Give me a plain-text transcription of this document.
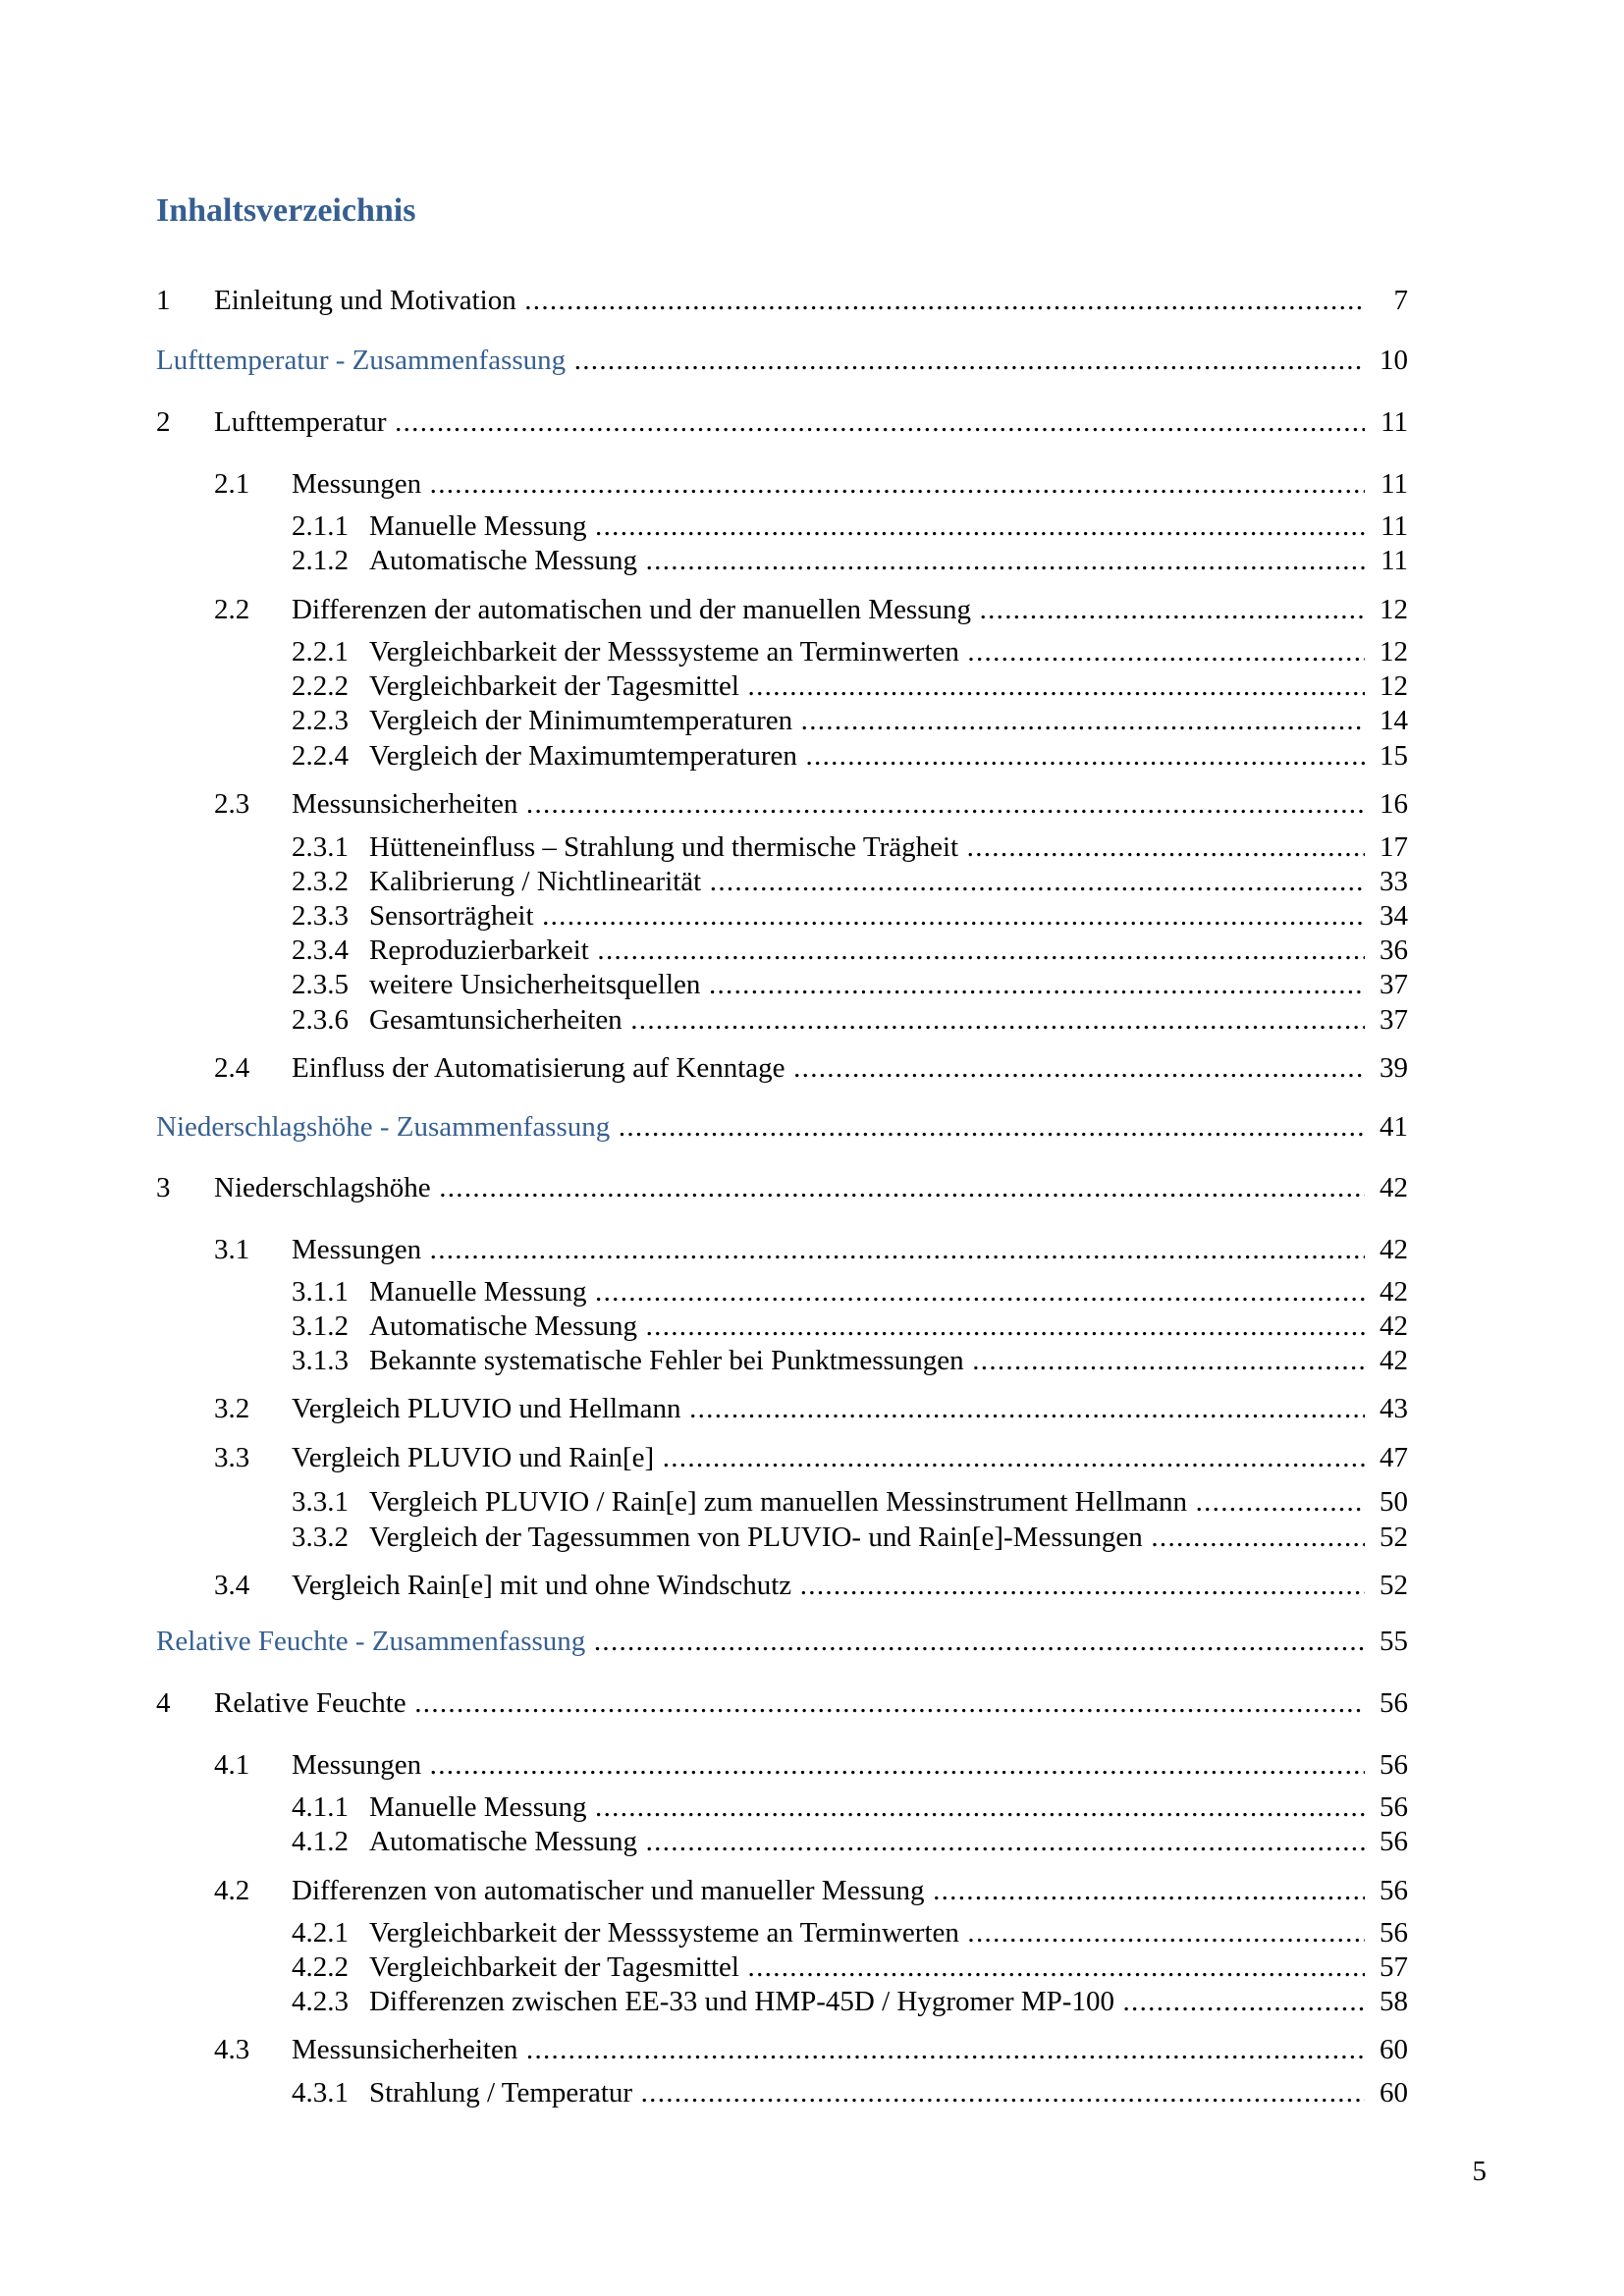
Inhaltsverzeichnis
1 Einleitung und Motivation .....	7
Lufttemperatur - Zusammenfassung .....	10
2 Lufttemperatur .....	11
2.1 Messungen .....	11
2.1.1 Manuelle Messung .....	11
2.1.2 Automatische Messung .....	11
2.2 Differenzen der automatischen und der manuellen Messung .....	12
2.2.1 Vergleichbarkeit der Messsysteme an Terminwerten .....	12
2.2.2 Vergleichbarkeit der Tagesmittel .....	12
2.2.3 Vergleich der Minimumtemperaturen .....	14
2.2.4 Vergleich der Maximumtemperaturen .....	15
2.3 Messunsicherheiten .....	16
2.3.1 Hütteneinfluss – Strahlung und thermische Trägheit .....	17
2.3.2 Kalibrierung / Nichtlinearität .....	33
2.3.3 Sensorträgheit .....	34
2.3.4 Reproduzierbarkeit .....	36
2.3.5 weitere Unsicherheitsquellen .....	37
2.3.6 Gesamtunsicherheiten .....	37
2.4 Einfluss der Automatisierung auf Kenntage .....	39
Niederschlagshöhe - Zusammenfassung .....	41
3 Niederschlagshöhe .....	42
3.1 Messungen .....	42
3.1.1 Manuelle Messung .....	42
3.1.2 Automatische Messung .....	42
3.1.3 Bekannte systematische Fehler bei Punktmessungen .....	42
3.2 Vergleich PLUVIO und Hellmann .....	43
3.3 Vergleich PLUVIO und Rain[e] .....	47
3.3.1 Vergleich PLUVIO / Rain[e] zum manuellen Messinstrument Hellmann .....	50
3.3.2 Vergleich der Tagessummen von PLUVIO- und Rain[e]-Messungen .....	52
3.4 Vergleich Rain[e] mit und ohne Windschutz .....	52
Relative Feuchte - Zusammenfassung .....	55
4 Relative Feuchte .....	56
4.1 Messungen .....	56
4.1.1 Manuelle Messung .....	56
4.1.2 Automatische Messung .....	56
4.2 Differenzen von automatischer und manueller Messung .....	56
4.2.1 Vergleichbarkeit der Messsysteme an Terminwerten .....	56
4.2.2 Vergleichbarkeit der Tagesmittel .....	57
4.2.3 Differenzen zwischen EE-33 und HMP-45D / Hygromer MP-100 .....	58
4.3 Messunsicherheiten .....	60
4.3.1 Strahlung / Temperatur .....	60
5
